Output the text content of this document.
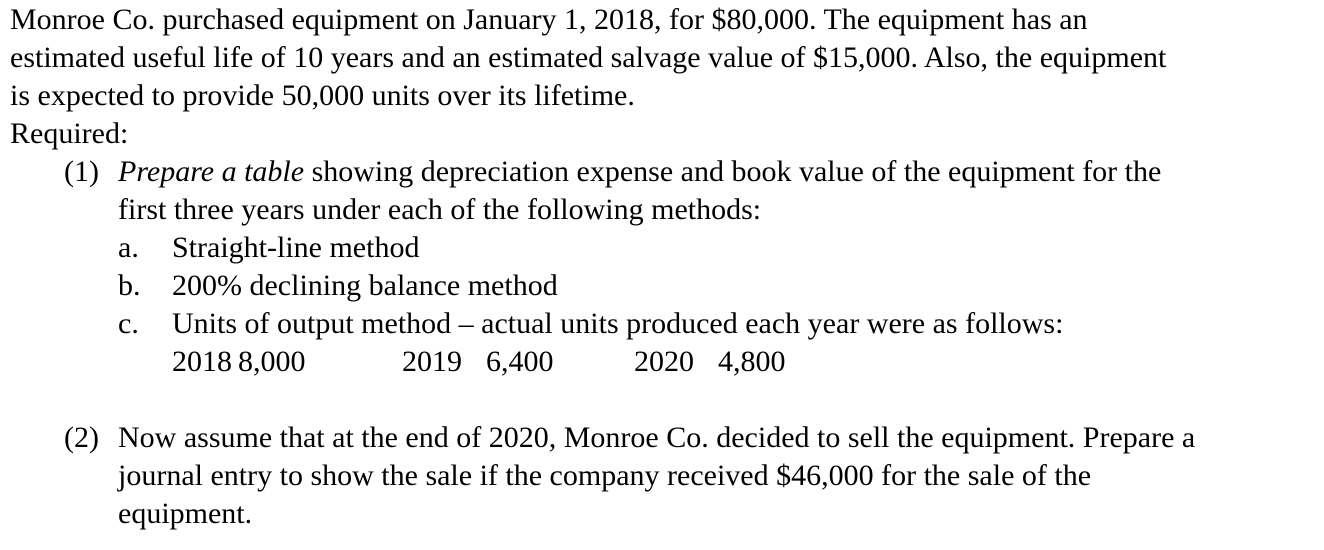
Monroe Co. purchased equipment on January 1, 2018, for $80,000. The equipment has an
estimated useful life of 10 years and an estimated salvage value of $15,000. Also, the equipment
is expected to provide 50,000 units over its lifetime.
Required:
(1) Prepare a table showing depreciation expense and book value of the equipment for the
first three years under each of the following methods:
a. Straight-line method
b. 200% declining balance method
c. Units of output method – actual units produced each year were as follows:
2018 8,000	2019 6,400	2020 4,800
(2) Now assume that at the end of 2020, Monroe Co. decided to sell the equipment. Prepare a
journal entry to show the sale if the company received $46,000 for the sale of the
equipment.
